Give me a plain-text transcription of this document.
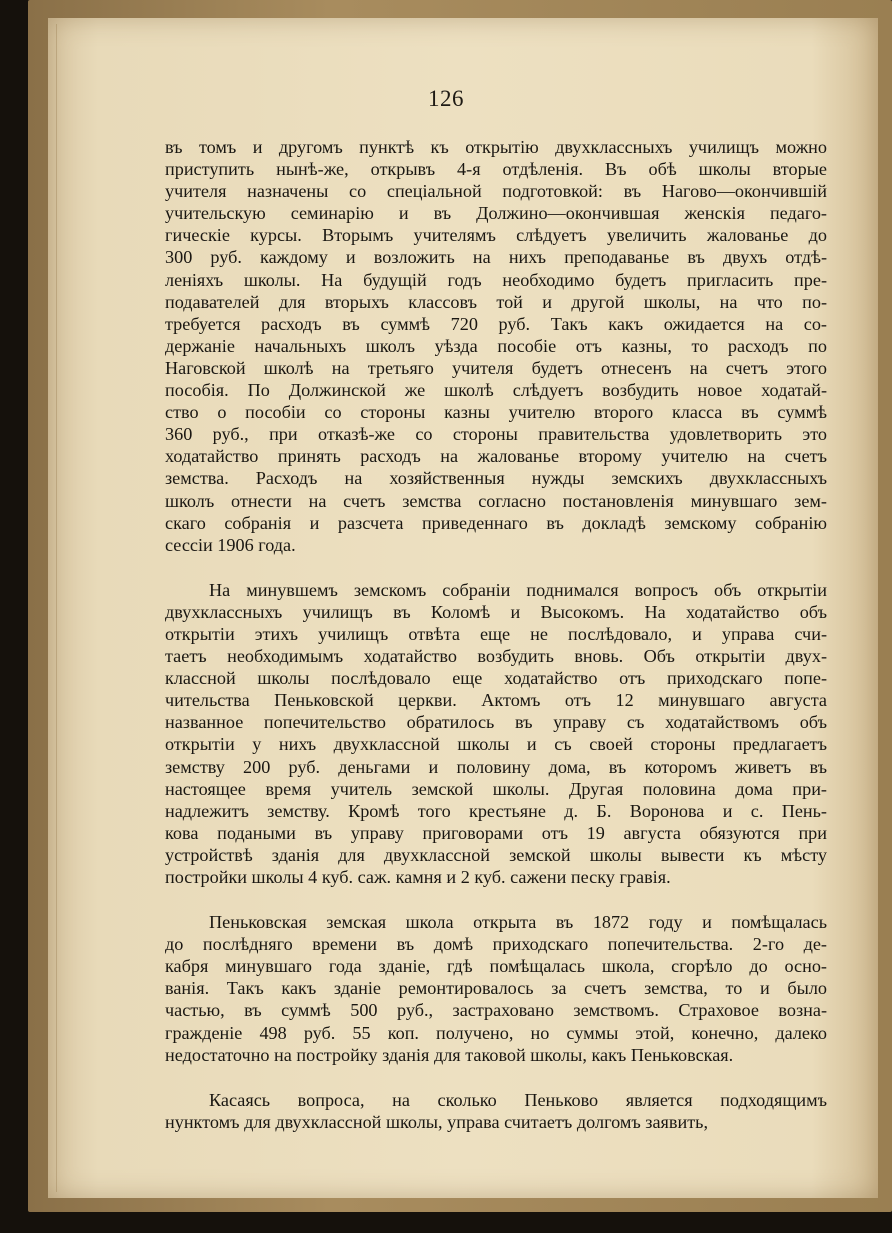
126
въ томъ и другомъ пунктѣ къ открытію двухклассныхъ училищъ можно
приступить нынѣ-же, открывъ 4-я отдѣленія. Въ обѣ школы вторые
учителя назначены со спеціальной подготовкой: въ Нагово—окончившій
учительскую семинарію и въ Должино—окончившая женскія педаго-
гическіе курсы. Вторымъ учителямъ слѣдуетъ увеличить жалованье до
300 руб. каждому и возложить на нихъ преподаванье въ двухъ отдѣ-
леніяхъ школы. На будущій годъ необходимо будетъ пригласить пре-
подавателей для вторыхъ классовъ той и другой школы, на что по-
требуется расходъ въ суммѣ 720 руб. Такъ какъ ожидается на со-
держаніе начальныхъ школъ уѣзда пособіе отъ казны, то расходъ по
Наговской школѣ на третьяго учителя будетъ отнесенъ на счетъ этого
пособія. По Должинской же школѣ слѣдуетъ возбудить новое ходатай-
ство о пособіи со стороны казны учителю второго класса въ суммѣ
360 руб., при отказѣ-же со стороны правительства удовлетворить это
ходатайство принять расходъ на жалованье второму учителю на счетъ
земства. Расходъ на хозяйственныя нужды земскихъ двухклассныхъ
школъ отнести на счетъ земства согласно постановленія минувшаго зем-
скаго собранія и разсчета приведеннаго въ докладѣ земскому собранію
сессіи 1906 года.
На минувшемъ земскомъ собраніи поднимался вопросъ объ открытіи
двухклассныхъ училищъ въ Коломѣ и Высокомъ. На ходатайство объ
открытіи этихъ училищъ отвѣта еще не послѣдовало, и управа счи-
таетъ необходимымъ ходатайство возбудить вновь. Объ открытіи двух-
классной школы послѣдовало еще ходатайство отъ приходскаго попе-
чительства Пеньковской церкви. Актомъ отъ 12 минувшаго августа
названное попечительство обратилось въ управу съ ходатайствомъ объ
открытіи у нихъ двухклассной школы и съ своей стороны предлагаетъ
земству 200 руб. деньгами и половину дома, въ которомъ живетъ въ
настоящее время учитель земской школы. Другая половина дома при-
надлежитъ земству. Кромѣ того крестьяне д. Б. Воронова и с. Пень-
кова подаными въ управу приговорами отъ 19 августа обязуются при
устройствѣ зданія для двухклассной земской школы вывести къ мѣсту
постройки школы 4 куб. саж. камня и 2 куб. сажени песку гравія.
Пеньковская земская школа открыта въ 1872 году и помѣщалась
до послѣдняго времени въ домѣ приходскаго попечительства. 2-го де-
кабря минувшаго года зданіе, гдѣ помѣщалась школа, сгорѣло до осно-
ванія. Такъ какъ зданіе ремонтировалось за счетъ земства, то и было
частью, въ суммѣ 500 руб., застраховано земствомъ. Страховое возна-
гражденіе 498 руб. 55 коп. получено, но суммы этой, конечно, далеко
недостаточно на постройку зданія для таковой школы, какъ Пеньковская.
Касаясь вопроса, на сколько Пеньково является подходящимъ
нунктомъ для двухклассной школы, управа считаетъ долгомъ заявить,
